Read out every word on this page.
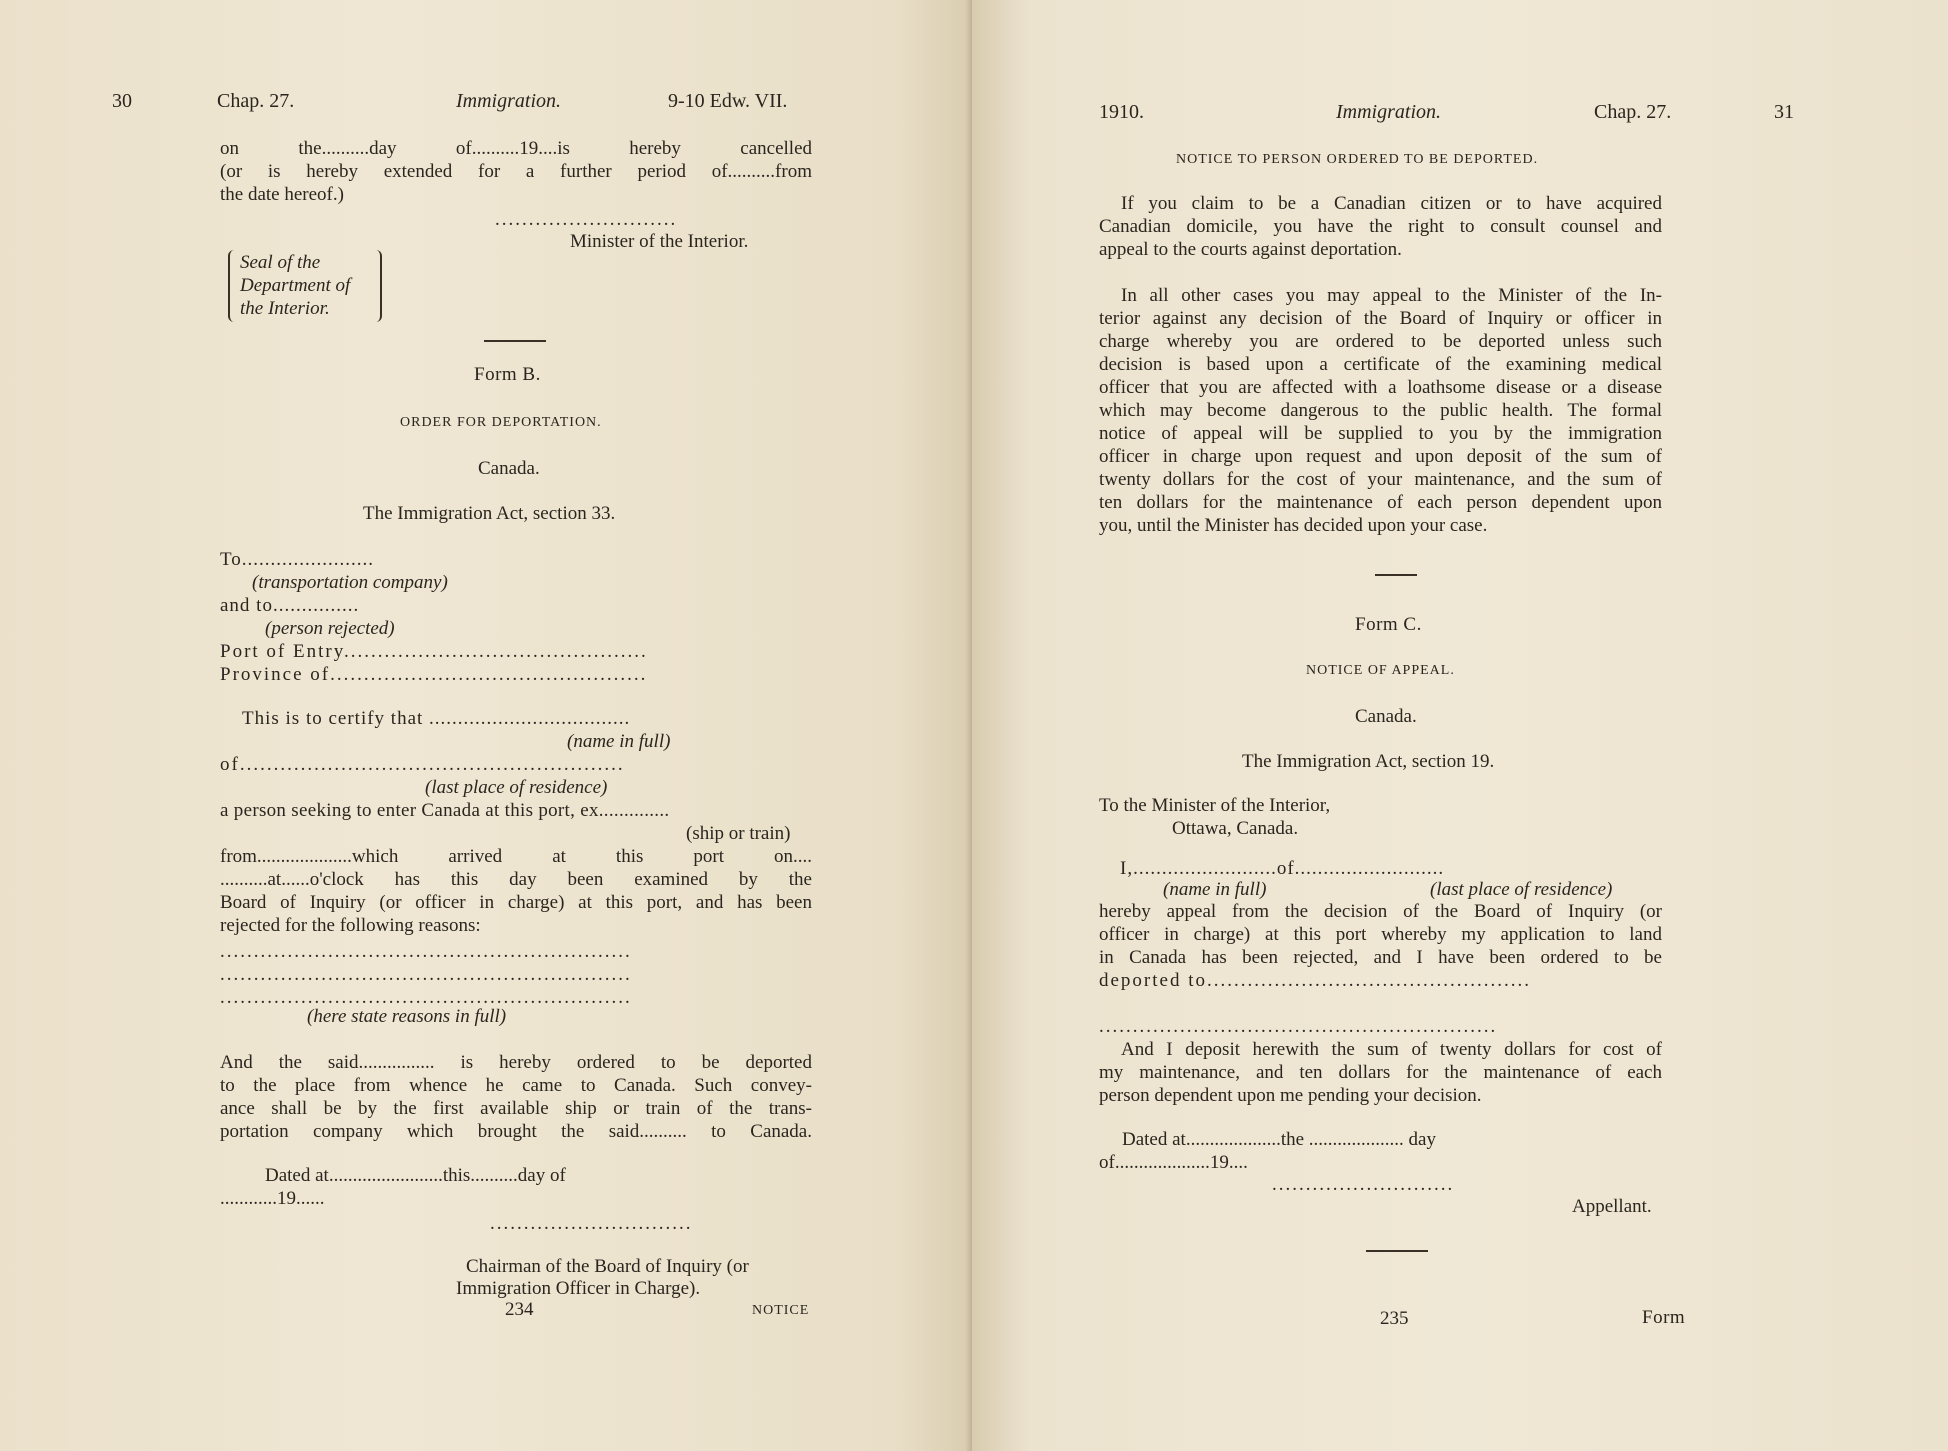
30	Chap. 27.	Immigration.	9-10 Edw. VII.
on the..........day of..........19....is hereby cancelled
(or is hereby extended for a further period of..........from
the date hereof.)
...........................
Minister of the Interior.
Seal of the
Department of
the Interior.
Form B.
ORDER FOR DEPORTATION.
Canada.
The Immigration Act, section 33.
To.......................
(transportation company)
and to...............
(person rejected)
Port of Entry.............................................
Province of...............................................
This is to certify that ...................................
(name in full)
of.........................................................
(last place of residence)
a person seeking to enter Canada at this port, ex..............
(ship or train)
from....................which arrived at this port on....
..........at......o'clock has this day been examined by the
Board of Inquiry (or officer in charge) at this port, and has been
rejected for the following reasons:
.............................................................
.............................................................
.............................................................
(here state reasons in full)
And the said................ is hereby ordered to be deported
to the place from whence he came to Canada. Such convey-
ance shall be by the first available ship or train of the trans-
portation company which brought the said.......... to Canada.
Dated at........................this..........day of
............19......
..............................
Chairman of the Board of Inquiry (or
Immigration Officer in Charge).
234	NOTICE
1910.	Immigration.	Chap. 27.	31
NOTICE TO PERSON ORDERED TO BE DEPORTED.
If you claim to be a Canadian citizen or to have acquired
Canadian domicile, you have the right to consult counsel and
appeal to the courts against deportation.
In all other cases you may appeal to the Minister of the In-
terior against any decision of the Board of Inquiry or officer in
charge whereby you are ordered to be deported unless such
decision is based upon a certificate of the examining medical
officer that you are affected with a loathsome disease or a disease
which may become dangerous to the public health. The formal
notice of appeal will be supplied to you by the immigration
officer in charge upon request and upon deposit of the sum of
twenty dollars for the cost of your maintenance, and the sum of
ten dollars for the maintenance of each person dependent upon
you, until the Minister has decided upon your case.
Form C.
NOTICE OF APPEAL.
Canada.
The Immigration Act, section 19.
To the Minister of the Interior,
Ottawa, Canada.
I,.........................of..........................
(name in full)	(last place of residence)
hereby appeal from the decision of the Board of Inquiry (or
officer in charge) at this port whereby my application to land
in Canada has been rejected, and I have been ordered to be
deported to................................................
...........................................................
And I deposit herewith the sum of twenty dollars for cost of
my maintenance, and ten dollars for the maintenance of each
person dependent upon me pending your decision.
Dated at....................the .................... day
of....................19....
...........................
Appellant.
235	Form
